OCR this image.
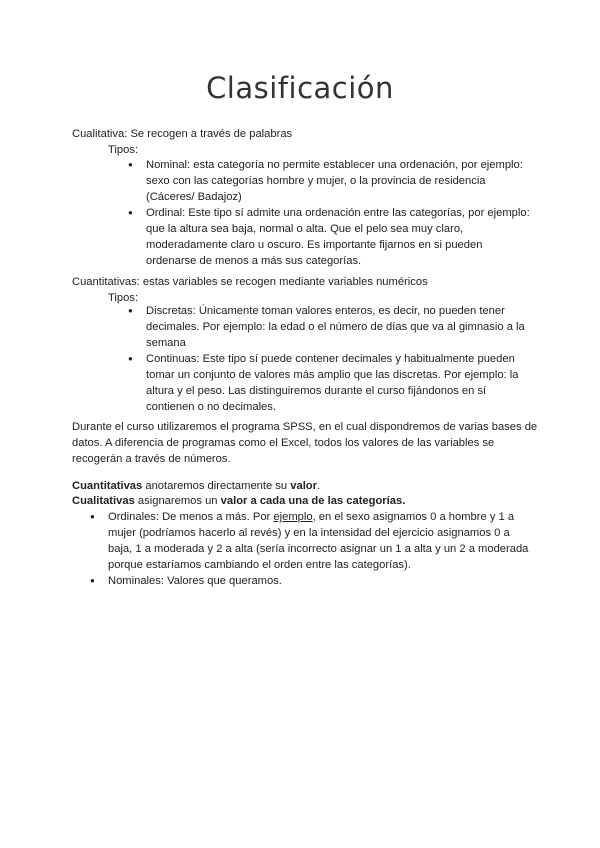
Clasificación

Cualitativa: Se recogen a través de palabras

Tipos:

● Nominal: esta categoría no permite establecer una ordenación, por ejemplo: sexo con las categorías hombre y mujer, o la provincia de residencia (Cáceres/ Badajoz)
● Ordinal: Este tipo sí admite una ordenación entre las categorías, por ejemplo: que la altura sea baja, normal o alta. Que el pelo sea muy claro, moderadamente claro u oscuro. Es importante fijarnos en si pueden ordenarse de menos a más sus categorías.

Cuantitativas: estas variables se recogen mediante variables numéricos

Tipos:

● Discretas: Únicamente toman valores enteros, es decir, no pueden tener decimales. Por ejemplo: la edad o el número de días que va al gimnasio a la semana
● Continuas: Este tipo sí puede contener decimales y habitualmente pueden tomar un conjunto de valores más amplio que las discretas. Por ejemplo: la altura y el peso. Las distinguiremos durante el curso fijándonos en sí contienen o no decimales.

Durante el curso utilizaremos el programa SPSS, en el cual dispondremos de varias bases de datos. A diferencia de programas como el Excel, todos los valores de las variables se recogerán a través de números.

Cuantitativas anotaremos directamente su valor.

Cualitativas asignaremos un valor a cada una de las categorías.

● Ordinales: De menos a más. Por ejemplo, en el sexo asignamos 0 a hombre y 1 a mujer (podríamos hacerlo al revés) y en la intensidad del ejercicio asignamos 0 a baja, 1 a moderada y 2 a alta (sería incorrecto asignar un 1 a alta y un 2 a moderada porque estaríamos cambiando el orden entre las categorías).
● Nominales: Valores que queramos.
